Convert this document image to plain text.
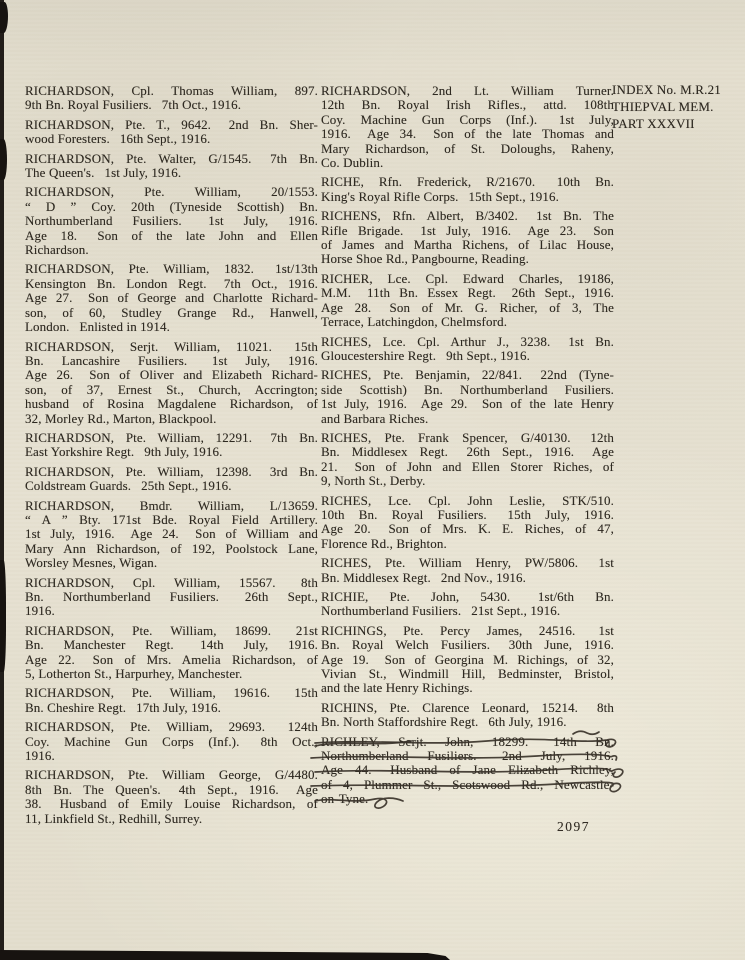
RICHARDSON, Cpl. Thomas William, 897.
9th Bn. Royal Fusiliers.  7th Oct., 1916.

RICHARDSON, Pte. T., 9642.  2nd Bn. Sher-
wood Foresters.  16th Sept., 1916.

RICHARDSON, Pte. Walter, G/1545.  7th Bn.
The Queen's.  1st July, 1916.

RICHARDSON, Pte. William, 20/1553.
“ D ” Coy. 20th (Tyneside Scottish) Bn.
Northumberland Fusiliers.  1st July, 1916.
Age 18.  Son of the late John and Ellen
Richardson.

RICHARDSON, Pte. William, 1832.  1st/13th
Kensington Bn. London Regt.  7th Oct., 1916.
Age 27.  Son of George and Charlotte Richard-
son, of 60, Studley Grange Rd., Hanwell,
London.  Enlisted in 1914.

RICHARDSON, Serjt. William, 11021.  15th
Bn. Lancashire Fusiliers.  1st July, 1916.
Age 26.  Son of Oliver and Elizabeth Richard-
son, of 37, Ernest St., Church, Accrington;
husband of Rosina Magdalene Richardson, of
32, Morley Rd., Marton, Blackpool.

RICHARDSON, Pte. William, 12291.  7th Bn.
East Yorkshire Regt.  9th July, 1916.

RICHARDSON, Pte. William, 12398.  3rd Bn.
Coldstream Guards.  25th Sept., 1916.

RICHARDSON, Bmdr. William, L/13659.
“ A ” Bty. 171st Bde. Royal Field Artillery.
1st July, 1916.  Age 24.  Son of William and
Mary Ann Richardson, of 192, Poolstock Lane,
Worsley Mesnes, Wigan.

RICHARDSON, Cpl. William, 15567.  8th
Bn. Northumberland Fusiliers.  26th Sept.,
1916.

RICHARDSON, Pte. William, 18699.  21st
Bn. Manchester Regt.  14th July, 1916.
Age 22.  Son of Mrs. Amelia Richardson, of
5, Lotherton St., Harpurhey, Manchester.

RICHARDSON, Pte. William, 19616.  15th
Bn. Cheshire Regt.  17th July, 1916.

RICHARDSON, Pte. William, 29693.  124th
Coy. Machine Gun Corps (Inf.).  8th Oct.,
1916.

RICHARDSON, Pte. William George, G/4480.
8th Bn. The Queen's.  4th Sept., 1916.  Age
38.  Husband of Emily Louise Richardson, of
11, Linkfield St., Redhill, Surrey.

RICHARDSON, 2nd Lt. William Turner.
12th Bn. Royal Irish Rifles., attd. 108th
Coy. Machine Gun Corps (Inf.).  1st July,
1916.  Age 34.  Son of the late Thomas and
Mary Richardson, of St. Doloughs, Raheny,
Co. Dublin.

RICHE, Rfn. Frederick, R/21670.  10th Bn.
King's Royal Rifle Corps.  15th Sept., 1916.

RICHENS, Rfn. Albert, B/3402.  1st Bn. The
Rifle Brigade.  1st July, 1916.  Age 23.  Son
of James and Martha Richens, of Lilac House,
Horse Shoe Rd., Pangbourne, Reading.

RICHER, Lce. Cpl. Edward Charles, 19186,
M.M.  11th Bn. Essex Regt.  26th Sept., 1916.
Age 28.  Son of Mr. G. Richer, of 3, The
Terrace, Latchingdon, Chelmsford.

RICHES, Lce. Cpl. Arthur J., 3238.  1st Bn.
Gloucestershire Regt.  9th Sept., 1916.

RICHES, Pte. Benjamin, 22/841.  22nd (Tyne-
side Scottish) Bn. Northumberland Fusiliers.
1st July, 1916.  Age 29.  Son of the late Henry
and Barbara Riches.

RICHES, Pte. Frank Spencer, G/40130.  12th
Bn. Middlesex Regt.  26th Sept., 1916.  Age
21.  Son of John and Ellen Storer Riches, of
9, North St., Derby.

RICHES, Lce. Cpl. John Leslie, STK/510.
10th Bn. Royal Fusiliers.  15th July, 1916.
Age 20.  Son of Mrs. K. E. Riches, of 47,
Florence Rd., Brighton.

RICHES, Pte. William Henry, PW/5806.  1st
Bn. Middlesex Regt.  2nd Nov., 1916.

RICHIE, Pte. John, 5430.  1st/6th Bn.
Northumberland Fusiliers.  21st Sept., 1916.

RICHINGS, Pte. Percy James, 24516.  1st
Bn. Royal Welch Fusiliers.  30th June, 1916.
Age 19.  Son of Georgina M. Richings, of 32,
Vivian St., Windmill Hill, Bedminster, Bristol,
and the late Henry Richings.

RICHINS, Pte. Clarence Leonard, 15214.  8th
Bn. North Staffordshire Regt.  6th July, 1916.

RICHLEY, Serjt. John, 18299.  14th Bn.
Northumberland Fusiliers.  2nd July, 1916.
Age 44.  Husband of Jane Elizabeth Richley,
of 4, Plummer St., Scotswood Rd., Newcastle-
on-Tyne.

INDEX No. M.R.21
THIEPVAL MEM.
PART XXXVII
2097
